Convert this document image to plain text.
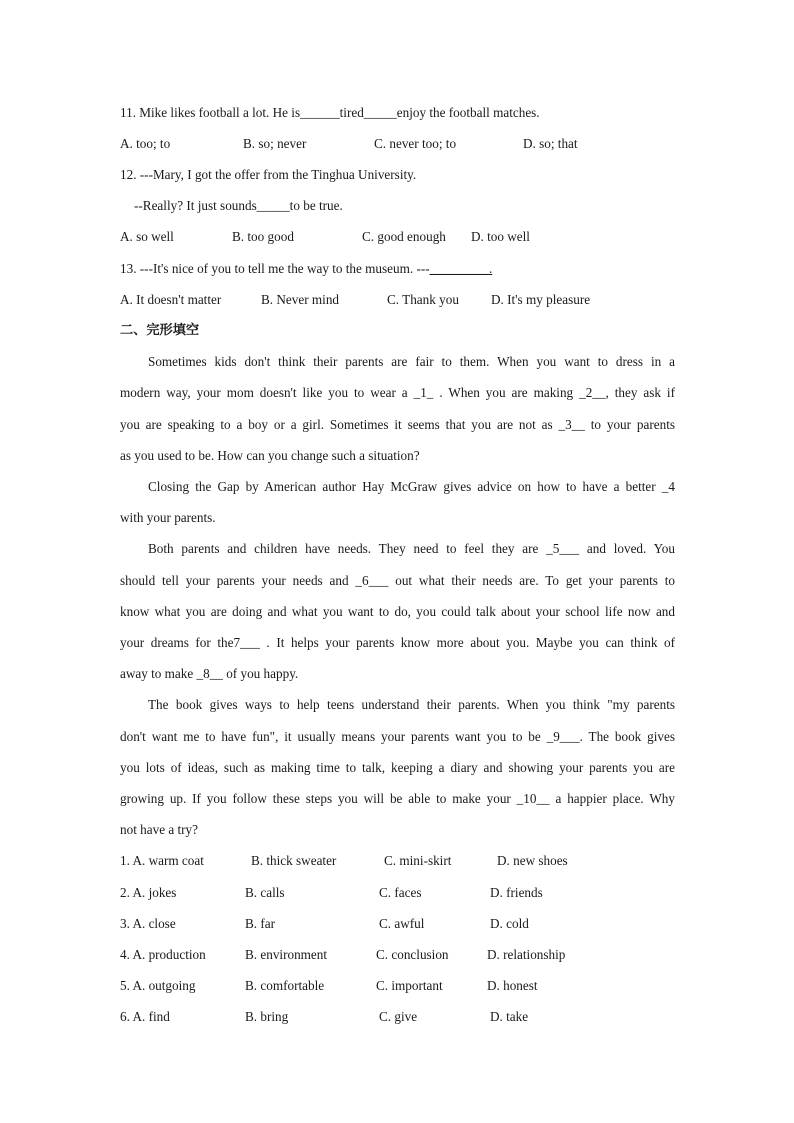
11. Mike likes football a lot. He is______tired_____enjoy the football matches.
A. too; to	B. so; never	C. never too; to	D. so; that
12. ---Mary, I got the offer from the Tinghua University.
--Really? It just sounds_____to be true.
A. so well	B. too good	C. good enough D. too well
13. ---It's nice of you to tell me the way to the museum. ---_________.
A. It doesn't matter	B. Never mind	C. Thank you D. It's my pleasure
二、完形填空
Sometimes kids don't think their parents are fair to them. When you want to dress in a
modern way, your mom doesn't like you to wear a _1_ . When you are making _2__, they ask if
you are speaking to a boy or a girl. Sometimes it seems that you are not as _3__ to your parents
as you used to be. How can you change such a situation?
Closing the Gap by American author Hay McGraw gives advice on how to have a better _4
with your parents.
Both parents and children have needs. They need to feel they are _5___ and loved. You
should tell your parents your needs and _6___ out what their needs are. To get your parents to
know what you are doing and what you want to do, you could talk about your school life now and
your dreams for the7___ . It helps your parents know more about you. Maybe you can think of
away to make _8__ of you happy.
The book gives ways to help teens understand their parents. When you think "my parents
don't want me to have fun", it usually means your parents want you to be _9___. The book gives
you lots of ideas, such as making time to talk, keeping a diary and showing your parents you are
growing up. If you follow these steps you will be able to make your _10__ a happier place. Why
not have a try?
1. A. warm coat	B. thick sweater	C. mini-skirt	D. new shoes
2. A. jokes	B. calls	C. faces	D. friends
3. A. close	B. far	C. awful	D. cold
4. A. production	B. environment	C. conclusion	D. relationship
5. A. outgoing	B. comfortable	C. important	D. honest
6. A. find	B. bring	C. give	D. take
